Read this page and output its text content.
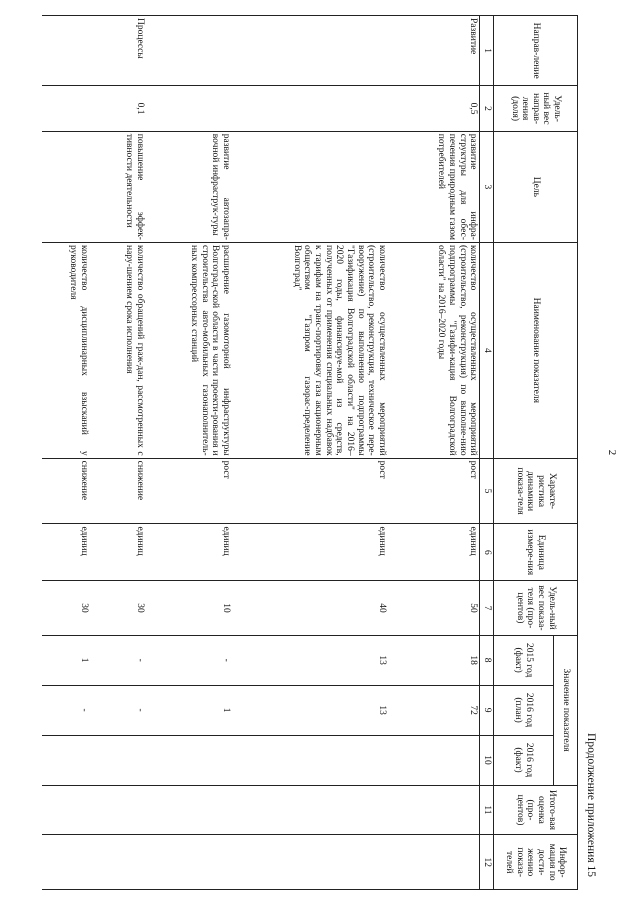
2
Продолжение приложения 15
Направ-ление	Удель-ный вес направ-ления (доля)	Цель	Наименование показателя	Характе-ристика динамики показа-теля	Единица измере-ния	Удель-ный вес показа-теля (про-центов)	Значение показателя			Итого-вая оценка (про-центов)	Инфор-мация по дости-жению показа-телей
							2015 год (факт)	2016 год (план)	2016 год (факт)		
1	2	3	4	5	6	7	8	9	10	11	12
Развитие	0,5	развитие инфра-структуры для обес-печения природным газом потребителей	количество осуществленных мероприятий (строительство, реконструкция) по выполне-нию подпрограммы "Газифи-кация Волгоградской области" на 2016–2020 годы	рост	единиц	50	18	72			
			количество осуществленных мероприятий (строительство, реконструкция, техническое пере-вооружение) по выполнению подпрограммы "Газификация Волгоградской области" на 2016–2020 годы, финансируе-мой из средств, полученных от применения специальных надбавок к тарифам на транс-портировку газа акционерным обществом "Газпром газорас-пределение Волгоград"	рост	единиц	40	13	13			
		развитие автозапра-вочной инфраструк-туры	расширение газомоторной инфраструктуры Волгоград-ской области в части проекти-рования и строительства авто-мобильных газонаполнитель-ных компрессорных станций	рост	единиц	10	-	1			
Процессы	0,1	повышение эффек-тивности деятельности	количество обращений граж-дан, рассмотренных с нару-шением срока исполнения	снижение	единиц	30	-	-			
			количество дисциплинарных взысканий у руководителя	снижение	единиц	30	1	-			
